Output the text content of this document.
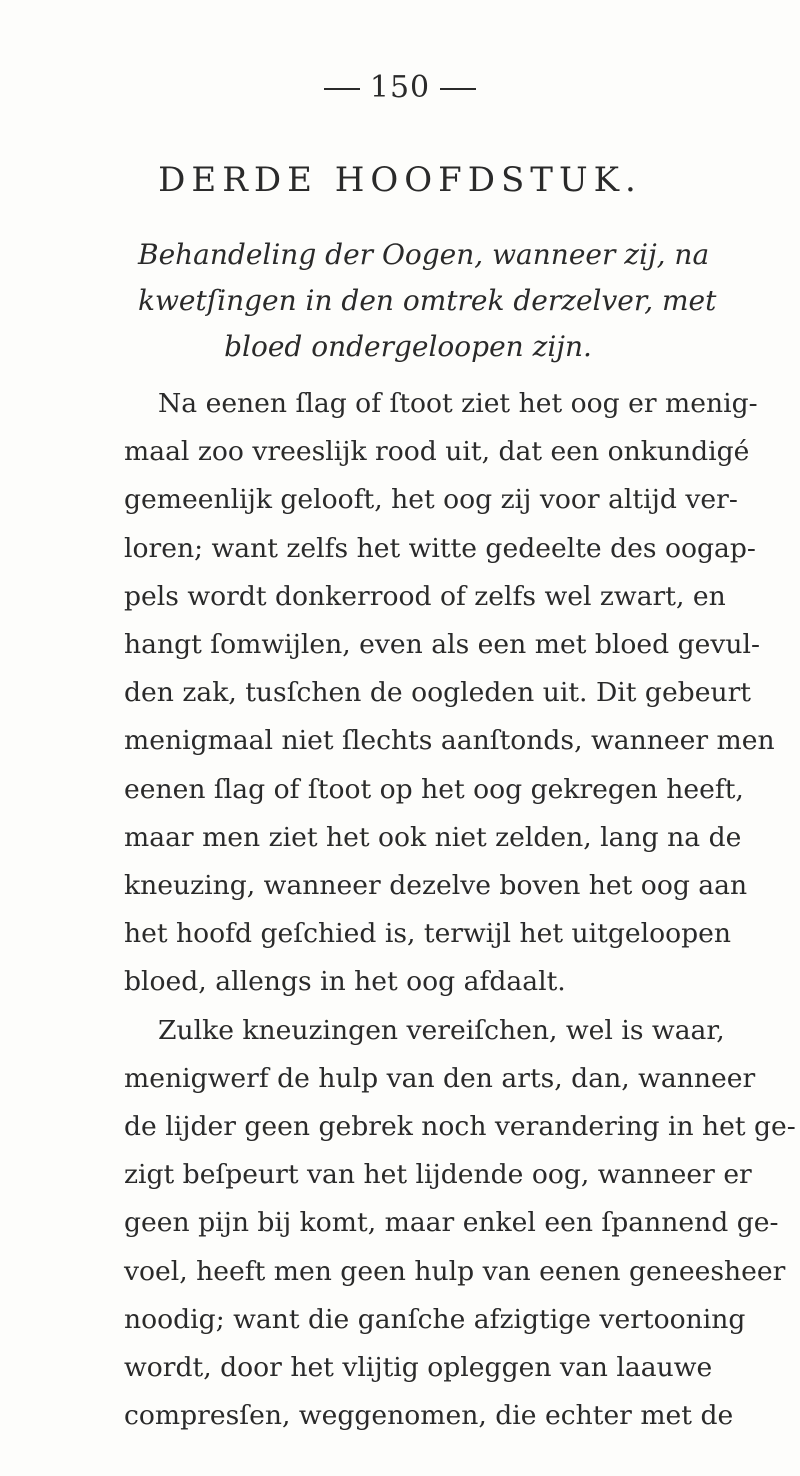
150
DERDE HOOFDSTUK.
Behandeling der Oogen, wanneer zij, na
kwetſingen in den omtrek derzelver, met
bloed ondergeloopen zijn.
Na eenen ſlag of ſtoot ziet het oog er menig-
maal zoo vreeslijk rood uit, dat een onkundigé
gemeenlijk gelooft, het oog zij voor altijd ver-
loren; want zelfs het witte gedeelte des oogap-
pels wordt donkerrood of zelfs wel zwart, en
hangt ſomwijlen, even als een met bloed gevul-
den zak, tusſchen de oogleden uit. Dit gebeurt
menigmaal niet ſlechts aanſtonds, wanneer men
eenen ſlag of ſtoot op het oog gekregen heeft,
maar men ziet het ook niet zelden, lang na de
kneuzing, wanneer dezelve boven het oog aan
het hoofd geſchied is, terwijl het uitgeloopen
bloed, allengs in het oog afdaalt.
Zulke kneuzingen vereiſchen, wel is waar,
menigwerf de hulp van den arts, dan, wanneer
de lijder geen gebrek noch verandering in het ge-
zigt beſpeurt van het lijdende oog, wanneer er
geen pijn bij komt, maar enkel een ſpannend ge-
voel, heeft men geen hulp van eenen geneesheer
noodig; want die ganſche afzigtige vertooning
wordt, door het vlijtig opleggen van laauwe
compresſen, weggenomen, die echter met de
